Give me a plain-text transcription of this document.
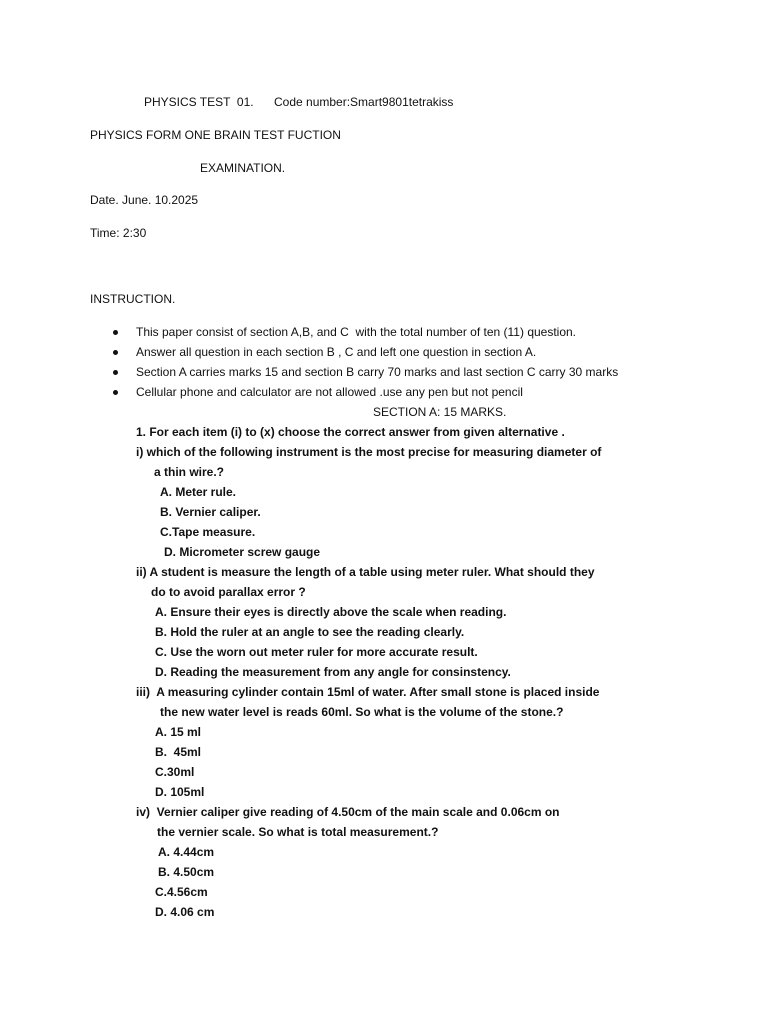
PHYSICS TEST  01. Code number:Smart9801tetrakiss
PHYSICS FORM ONE BRAIN TEST FUCTION
EXAMINATION.
Date. June. 10.2025
Time: 2:30
INSTRUCTION.
This paper consist of section A,B, and C  with the total number of ten (11) question.
Answer all question in each section B , C and left one question in section A.
Section A carries marks 15 and section B carry 70 marks and last section C carry 30 marks
Cellular phone and calculator are not allowed .use any pen but not pencil
SECTION A: 15 MARKS.
1. For each item (i) to (x) choose the correct answer from given alternative .
i) which of the following instrument is the most precise for measuring diameter of
a thin wire.?
A. Meter rule.
B. Vernier caliper.
C.Tape measure.
D. Micrometer screw gauge
ii) A student is measure the length of a table using meter ruler. What should they
do to avoid parallax error ?
A. Ensure their eyes is directly above the scale when reading.
B. Hold the ruler at an angle to see the reading clearly.
C. Use the worn out meter ruler for more accurate result.
D. Reading the measurement from any angle for consinstency.
iii)  A measuring cylinder contain 15ml of water. After small stone is placed inside
the new water level is reads 60ml. So what is the volume of the stone.?
A. 15 ml
B.  45ml
C.30ml
D. 105ml
iv)  Vernier caliper give reading of 4.50cm of the main scale and 0.06cm on
the vernier scale. So what is total measurement.?
A. 4.44cm
B. 4.50cm
C.4.56cm
D. 4.06 cm
